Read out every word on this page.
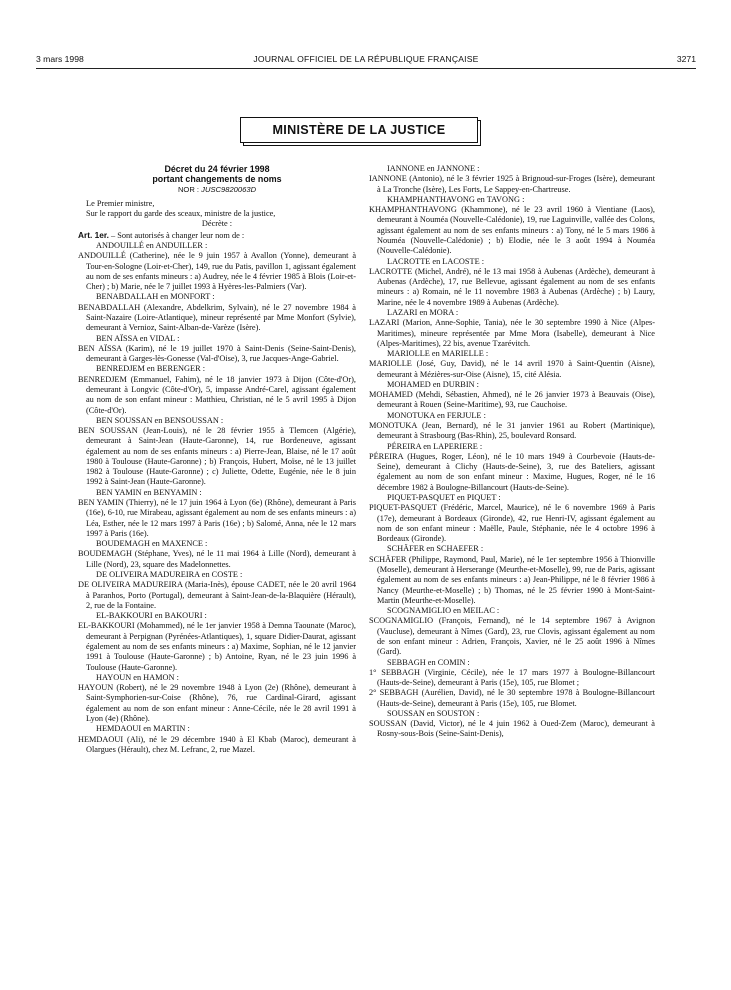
3 mars 1998	JOURNAL OFFICIEL DE LA RÉPUBLIQUE FRANÇAISE	3271
MINISTÈRE DE LA JUSTICE
Décret du 24 février 1998
portant changements de noms
NOR : JUSC9820063D
Le Premier ministre,
Sur le rapport du garde des sceaux, ministre de la justice,
Décrète :
Art. 1er. – Sont autorisés à changer leur nom de :
ANDOUILLÉ en ANDUILLER :
ANDOUILLÉ (Catherine), née le 9 juin 1957 à Avallon (Yonne), demeurant à Tour-en-Sologne (Loir-et-Cher), 149, rue du Patis, pavillon 1, agissant également au nom de ses enfants mineurs : a) Audrey, née le 4 février 1985 à Blois (Loir-et-Cher) ; b) Marie, née le 7 juillet 1993 à Hyères-les-Palmiers (Var).
BENABDALLAH en MONFORT :
BENABDALLAH (Alexandre, Abdelkrim, Sylvain), né le 27 novembre 1984 à Saint-Nazaire (Loire-Atlantique), mineur représenté par Mme Monfort (Sylvie), demeurant à Vernioz, Saint-Alban-de-Varèze (Isère).
BEN AÏSSA en VIDAL :
BEN AÏSSA (Karim), né le 19 juillet 1970 à Saint-Denis (Seine-Saint-Denis), demeurant à Garges-lès-Gonesse (Val-d'Oise), 3, rue Jacques-Ange-Gabriel.
BENREDJEM en BERENGER :
BENREDJEM (Emmanuel, Fahim), né le 18 janvier 1973 à Dijon (Côte-d'Or), demeurant à Longvic (Côte-d'Or), 5, impasse André-Carel, agissant également au nom de son enfant mineur : Matthieu, Christian, né le 5 avril 1995 à Dijon (Côte-d'Or).
BEN SOUSSAN en BENSOUSSAN :
BEN SOUSSAN (Jean-Louis), né le 28 février 1955 à Tlemcen (Algérie), demeurant à Saint-Jean (Haute-Garonne), 14, rue Bordeneuve, agissant également au nom de ses enfants mineurs : a) Pierre-Jean, Blaise, né le 17 août 1980 à Toulouse (Haute-Garonne) ; b) François, Hubert, Moïse, né le 13 juillet 1982 à Toulouse (Haute-Garonne) ; c) Juliette, Odette, Eugénie, née le 8 juin 1992 à Saint-Jean (Haute-Garonne).
BEN YAMIN en BENYAMIN :
BEN YAMIN (Thierry), né le 17 juin 1964 à Lyon (6e) (Rhône), demeurant à Paris (16e), 6-10, rue Mirabeau, agissant également au nom de ses enfants mineurs : a) Léa, Esther, née le 12 mars 1997 à Paris (16e) ; b) Salomé, Anna, née le 12 mars 1997 à Paris (16e).
BOUDEMAGH en MAXENCE :
BOUDEMAGH (Stéphane, Yves), né le 11 mai 1964 à Lille (Nord), demeurant à Lille (Nord), 23, square des Madelonnettes.
DE OLIVEIRA MADUREIRA en COSTE :
DE OLIVEIRA MADUREIRA (Maria-Inès), épouse CADET, née le 20 avril 1964 à Paranhos, Porto (Portugal), demeurant à Saint-Jean-de-la-Blaquière (Hérault), 2, rue de la Fontaine.
EL-BAKKOURI en BAKOURI :
EL-BAKKOURI (Mohammed), né le 1er janvier 1958 à Demna Taounate (Maroc), demeurant à Perpignan (Pyrénées-Atlantiques), 1, square Didier-Daurat, agissant également au nom de ses enfants mineurs : a) Maxime, Sophian, né le 12 janvier 1991 à Toulouse (Haute-Garonne) ; b) Antoine, Ryan, né le 23 juin 1996 à Toulouse (Haute-Garonne).
HAYOUN en HAMON :
HAYOUN (Robert), né le 29 novembre 1948 à Lyon (2e) (Rhône), demeurant à Saint-Symphorien-sur-Coise (Rhône), 76, rue Cardinal-Girard, agissant également au nom de son enfant mineur : Anne-Cécile, née le 28 avril 1991 à Lyon (4e) (Rhône).
HEMDAOUI en MARTIN :
HEMDAOUI (Ali), né le 29 décembre 1940 à El Kbab (Maroc), demeurant à Olargues (Hérault), chez M. Lefranc, 2, rue Mazel.
IANNONE en JANNONE :
IANNONE (Antonio), né le 3 février 1925 à Brignoud-sur-Froges (Isère), demeurant à La Tronche (Isère), Les Forts, Le Sappey-en-Chartreuse.
KHAMPHANTHAVONG en TAVONG :
KHAMPHANTHAVONG (Khammone), né le 23 avril 1960 à Vientiane (Laos), demeurant à Nouméa (Nouvelle-Calédonie), 19, rue Laguinville, vallée des Colons, agissant également au nom de ses enfants mineurs : a) Tony, né le 5 mars 1986 à Nouméa (Nouvelle-Calédonie) ; b) Elodie, née le 3 août 1994 à Nouméa (Nouvelle-Calédonie).
LACROTTE en LACOSTE :
LACROTTE (Michel, André), né le 13 mai 1958 à Aubenas (Ardèche), demeurant à Aubenas (Ardèche), 17, rue Bellevue, agissant également au nom de ses enfants mineurs : a) Romain, né le 11 novembre 1983 à Aubenas (Ardèche) ; b) Laury, Marine, née le 4 novembre 1989 à Aubenas (Ardèche).
LAZARI en MORA :
LAZARI (Marion, Anne-Sophie, Tania), née le 30 septembre 1990 à Nice (Alpes-Maritimes), mineure représentée par Mme Mora (Isabelle), demeurant à Nice (Alpes-Maritimes), 22 bis, avenue Tzarévitch.
MARIOLLE en MARIELLE :
MARIOLLE (José, Guy, David), né le 14 avril 1970 à Saint-Quentin (Aisne), demeurant à Mézières-sur-Oise (Aisne), 15, cité Alésia.
MOHAMED en DURBIN :
MOHAMED (Mehdi, Sébastien, Ahmed), né le 26 janvier 1973 à Beauvais (Oise), demeurant à Rouen (Seine-Maritime), 93, rue Cauchoise.
MONOTUKA en FERJULE :
MONOTUKA (Jean, Bernard), né le 31 janvier 1961 au Robert (Martinique), demeurant à Strasbourg (Bas-Rhin), 25, boulevard Ronsard.
PÉREIRA en LAPERIERE :
PÉREIRA (Hugues, Roger, Léon), né le 10 mars 1949 à Courbevoie (Hauts-de-Seine), demeurant à Clichy (Hauts-de-Seine), 3, rue des Bateliers, agissant également au nom de son enfant mineur : Maxime, Hugues, Roger, né le 16 décembre 1982 à Boulogne-Billancourt (Hauts-de-Seine).
PIQUET-PASQUET en PIQUET :
PIQUET-PASQUET (Frédéric, Marcel, Maurice), né le 6 novembre 1969 à Paris (17e), demeurant à Bordeaux (Gironde), 42, rue Henri-IV, agissant également au nom de son enfant mineur : Maëlle, Paule, Stéphanie, née le 4 octobre 1996 à Bordeaux (Gironde).
SCHÄFER en SCHAEFER :
SCHÄFER (Philippe, Raymond, Paul, Marie), né le 1er septembre 1956 à Thionville (Moselle), demeurant à Herserange (Meurthe-et-Moselle), 99, rue de Paris, agissant également au nom de ses enfants mineurs : a) Jean-Philippe, né le 8 février 1986 à Nancy (Meurthe-et-Moselle) ; b) Thomas, né le 25 février 1990 à Mont-Saint-Martin (Meurthe-et-Moselle).
SCOGNAMIGLIO en MEILAC :
SCOGNAMIGLIO (François, Fernand), né le 14 septembre 1967 à Avignon (Vaucluse), demeurant à Nîmes (Gard), 23, rue Clovis, agissant également au nom de son enfant mineur : Adrien, François, Xavier, né le 25 août 1996 à Nîmes (Gard).
SEBBAGH en COMIN :
1° SEBBAGH (Virginie, Cécile), née le 17 mars 1977 à Boulogne-Billancourt (Hauts-de-Seine), demeurant à Paris (15e), 105, rue Blomet ;
2° SEBBAGH (Aurélien, David), né le 30 septembre 1978 à Boulogne-Billancourt (Hauts-de-Seine), demeurant à Paris (15e), 105, rue Blomet.
SOUSSAN en SOUSTON :
SOUSSAN (David, Victor), né le 4 juin 1962 à Oued-Zem (Maroc), demeurant à Rosny-sous-Bois (Seine-Saint-Denis),
